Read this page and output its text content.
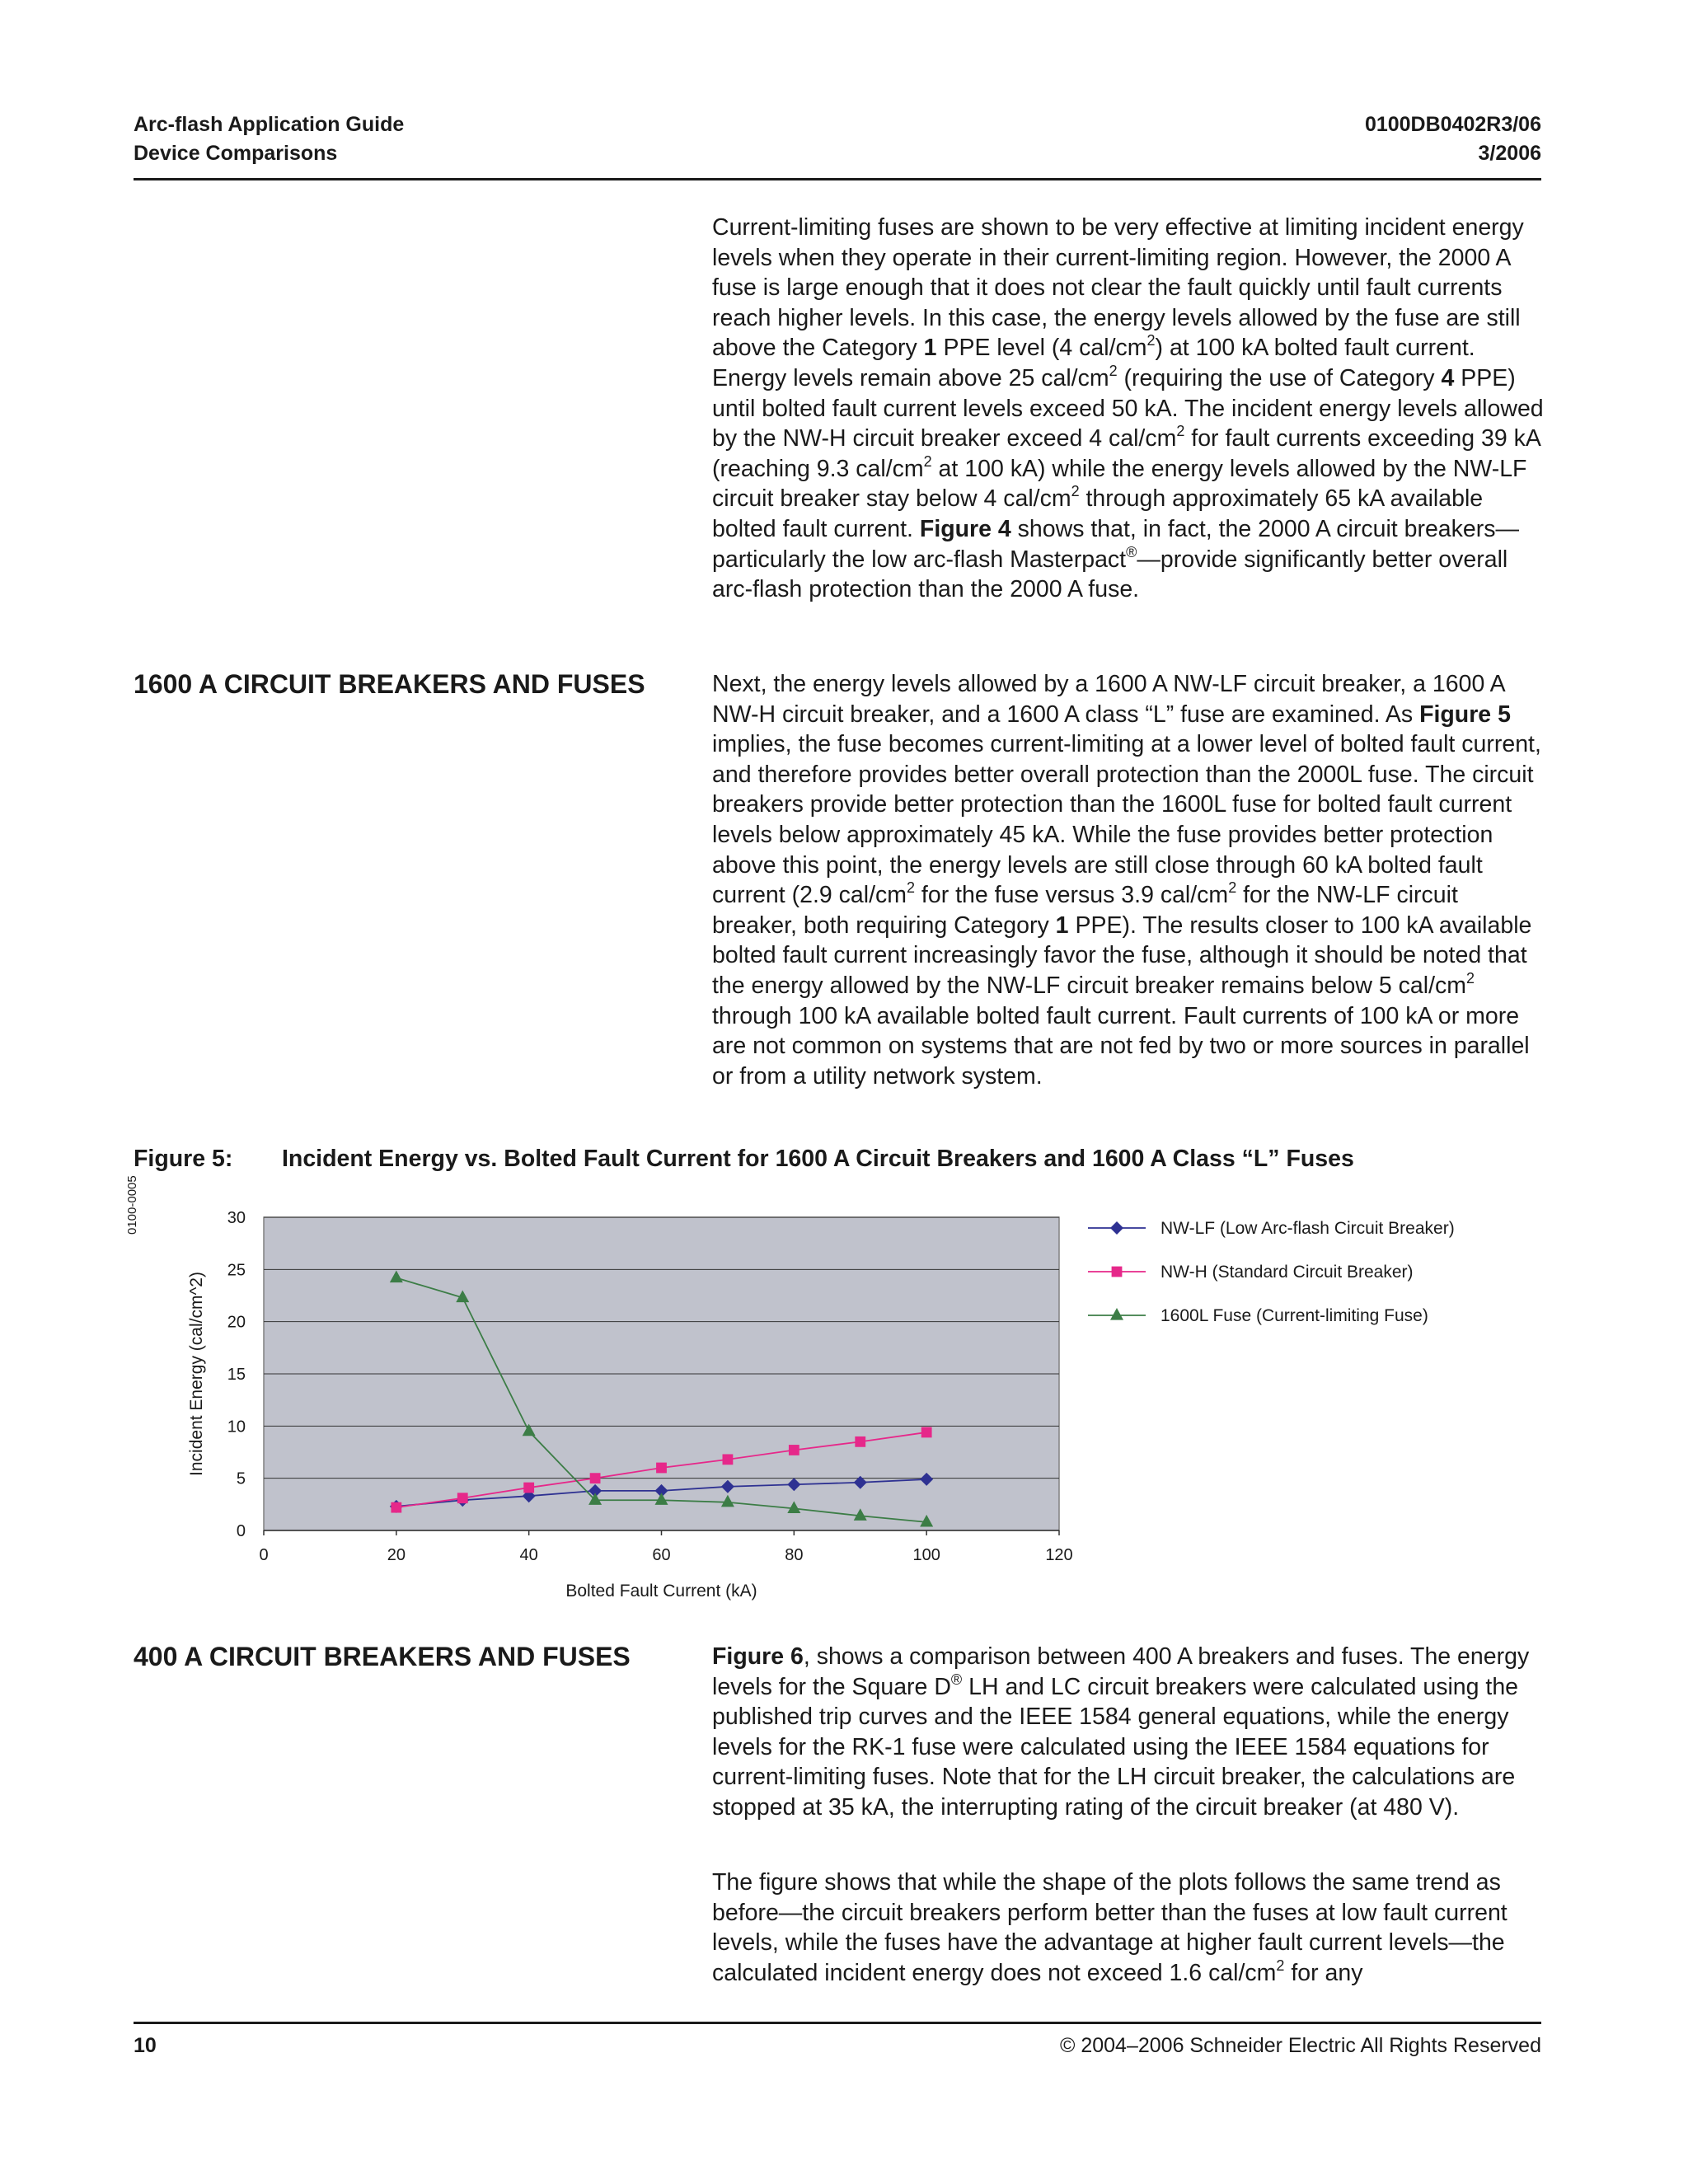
Arc-flash Application Guide
Device Comparisons
0100DB0402R3/06
3/2006

Current-limiting fuses are shown to be very effective at limiting incident energy levels when they operate in their current-limiting region. However, the 2000 A fuse is large enough that it does not clear the fault quickly until fault currents reach higher levels. In this case, the energy levels allowed by the fuse are still above the Category 1 PPE level (4 cal/$cm^2$) at 100 kA bolted fault current. Energy levels remain above 25 cal/$cm^2$ (requiring the use of Category 4 PPE) until bolted fault current levels exceed 50 kA. The incident energy levels allowed by the NW-H circuit breaker exceed 4 cal/$cm^2$ for fault currents exceeding 39 kA (reaching 9.3 cal/$cm^2$ at 100 kA) while the energy levels allowed by the NW-LF circuit breaker stay below 4 cal/$cm^2$ through approximately 65 kA available bolted fault current. Figure 4 shows that, in fact, the 2000 A circuit breakers—particularly the low arc-flash Masterpact®—provide significantly better overall arc-flash protection than the 2000 A fuse.

1600 A CIRCUIT BREAKERS AND FUSES	Next, the energy levels allowed by a 1600 A NW-LF circuit breaker, a 1600 A NW-H circuit breaker, and a 1600 A class “L” fuse are examined. As Figure 5 implies, the fuse becomes current-limiting at a lower level of bolted fault current, and therefore provides better overall protection than the 2000L fuse. The circuit breakers provide better protection than the 1600L fuse for bolted fault current levels below approximately 45 kA. While the fuse provides better protection above this point, the energy levels are still close through 60 kA bolted fault current (2.9 cal/$cm^2$ for the fuse versus 3.9 cal/$cm^2$ for the NW-LF circuit breaker, both requiring Category 1 PPE). The results closer to 100 kA available bolted fault current increasingly favor the fuse, although it should be noted that the energy allowed by the NW-LF circuit breaker remains below 5 cal/$cm^2$ through 100 kA available bolted fault current. Fault currents of 100 kA or more are not common on systems that are not fed by two or more sources in parallel or from a utility network system.

Figure 5: Incident Energy vs. Bolted Fault Current for 1600 A Circuit Breakers and 1600 A Class “L” Fuses
0100-0005
0
5
10
15
20
25
30
0	20	40	60	80	100	120
Bolted Fault Current (kA)
Incident Energy (cal/cm^2)
NW-LF (Low Arc-flash Circuit Breaker)
NW-H (Standard Circuit Breaker)
1600L Fuse (Current-limiting Fuse)
400 A CIRCUIT BREAKERS AND FUSES	Figure 6, shows a comparison between 400 A breakers and fuses. The energy levels for the Square D® LH and LC circuit breakers were calculated using the published trip curves and the IEEE 1584 general equations, while the energy levels for the RK-1 fuse were calculated using the IEEE 1584 equations for current-limiting fuses. Note that for the LH circuit breaker, the calculations are stopped at 35 kA, the interrupting rating of the circuit breaker (at 480 V).

The figure shows that while the shape of the plots follows the same trend as before—the circuit breakers perform better than the fuses at low fault current levels, while the fuses have the advantage at higher fault current levels—the calculated incident energy does not exceed 1.6 cal/$cm^2$ for any

10	© 2004–2006 Schneider Electric All Rights Reserved
